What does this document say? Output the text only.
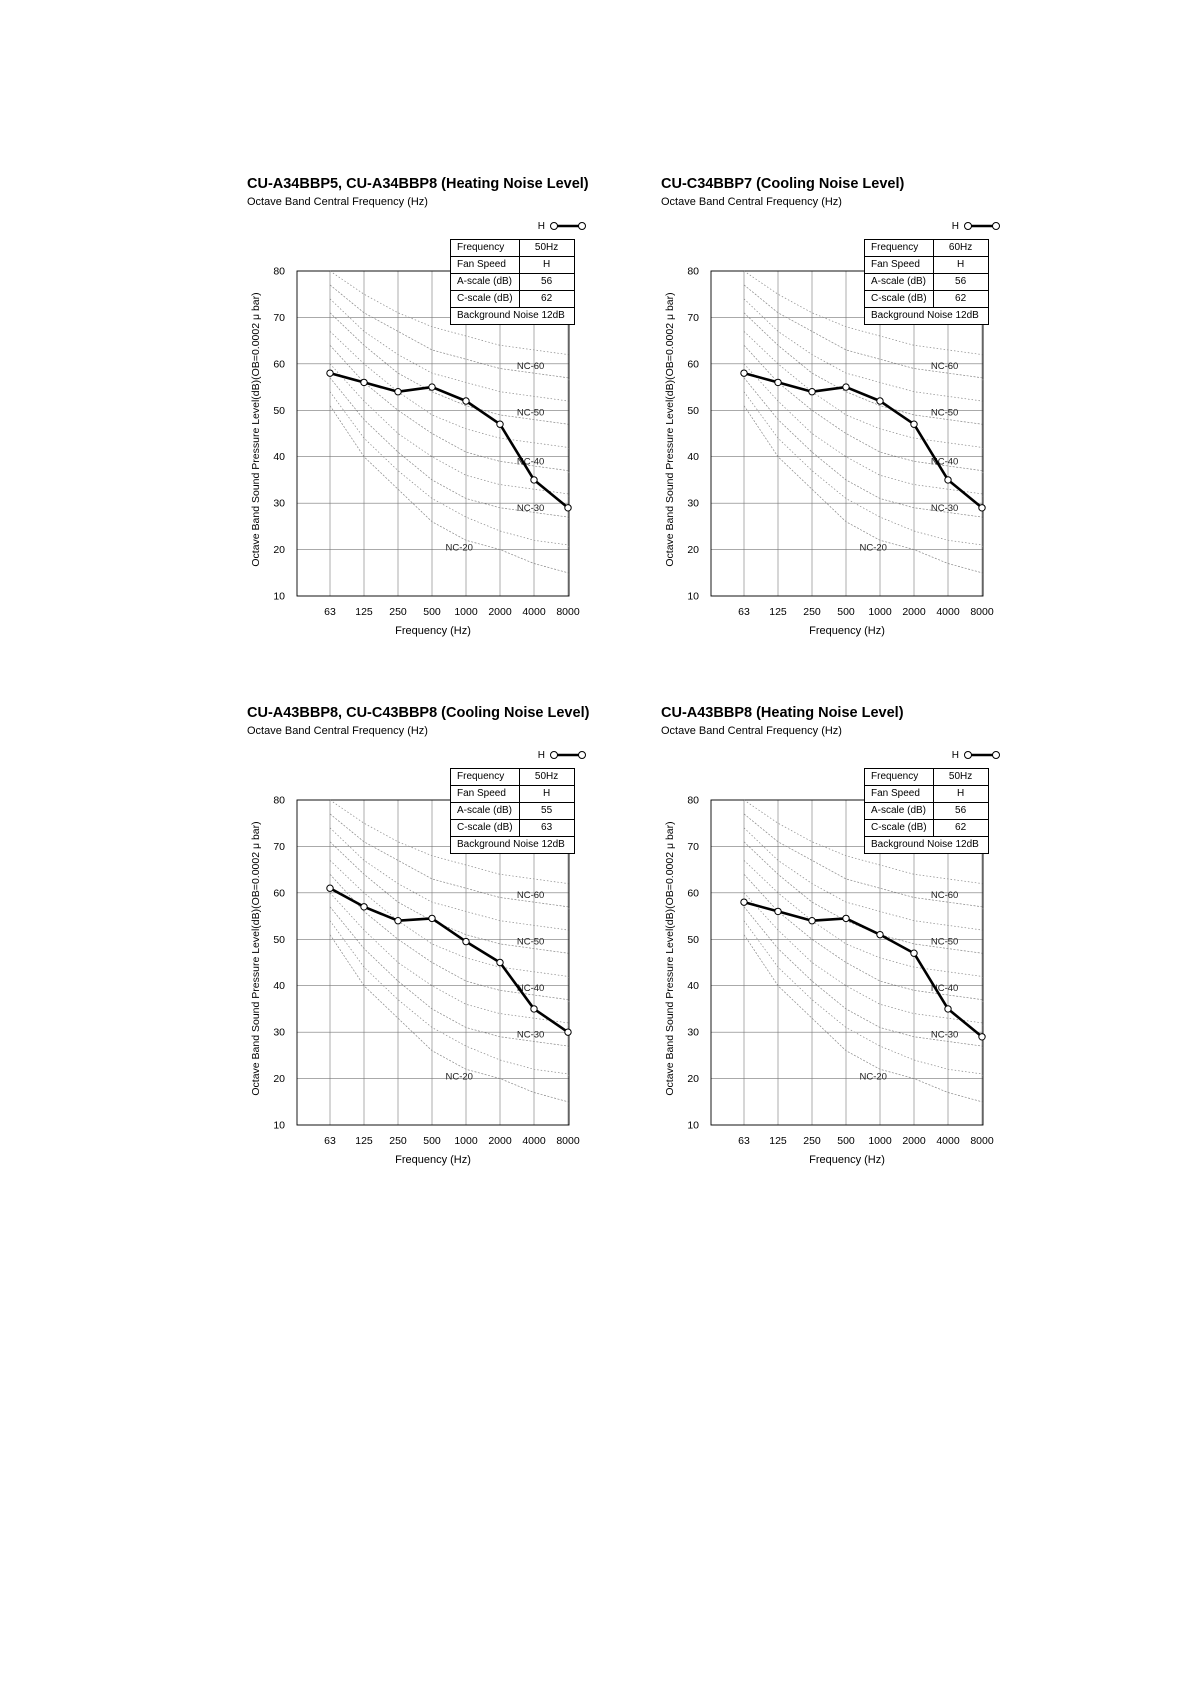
10
20
30
40
50
60
70
80
63 125 250 500 1000 2000 4000 8000
NC-20
NC-30
NC-40
NC-50
NC-60
Frequency (Hz)
Octave Band Sound Pressure Level(dB)(OB=0.0002 μ bar)
CU-A34BBP5, CU-A34BBP8 (Heating Noise Level)
Octave Band Central Frequency (Hz)
H
Frequency	50Hz
Fan Speed	H
A-scale (dB)	56
C-scale (dB)	62
Background Noise 12dB	
10
20
30
40
50
60
70
80
63 125 250 500 1000 2000 4000 8000
NC-20
NC-30
NC-40
NC-50
NC-60
Frequency (Hz)
Octave Band Sound Pressure Level(dB)(OB=0.0002 μ bar)
CU-C34BBP7 (Cooling Noise Level)
Octave Band Central Frequency (Hz)
H
Frequency	60Hz
Fan Speed	H
A-scale (dB)	56
C-scale (dB)	62
Background Noise 12dB	
10
20
30
40
50
60
70
80
63 125 250 500 1000 2000 4000 8000
NC-20
NC-30
NC-40
NC-50
NC-60
Frequency (Hz)
Octave Band Sound Pressure Level(dB)(OB=0.0002 μ bar)
CU-A43BBP8, CU-C43BBP8 (Cooling Noise Level)
Octave Band Central Frequency (Hz)
H
Frequency	50Hz
Fan Speed	H
A-scale (dB)	55
C-scale (dB)	63
Background Noise 12dB	
10
20
30
40
50
60
70
80
63 125 250 500 1000 2000 4000 8000
NC-20
NC-30
NC-40
NC-50
NC-60
Frequency (Hz)
Octave Band Sound Pressure Level(dB)(OB=0.0002 μ bar)
CU-A43BBP8 (Heating Noise Level)
Octave Band Central Frequency (Hz)
H
Frequency	50Hz
Fan Speed	H
A-scale (dB)	56
C-scale (dB)	62
Background Noise 12dB	
